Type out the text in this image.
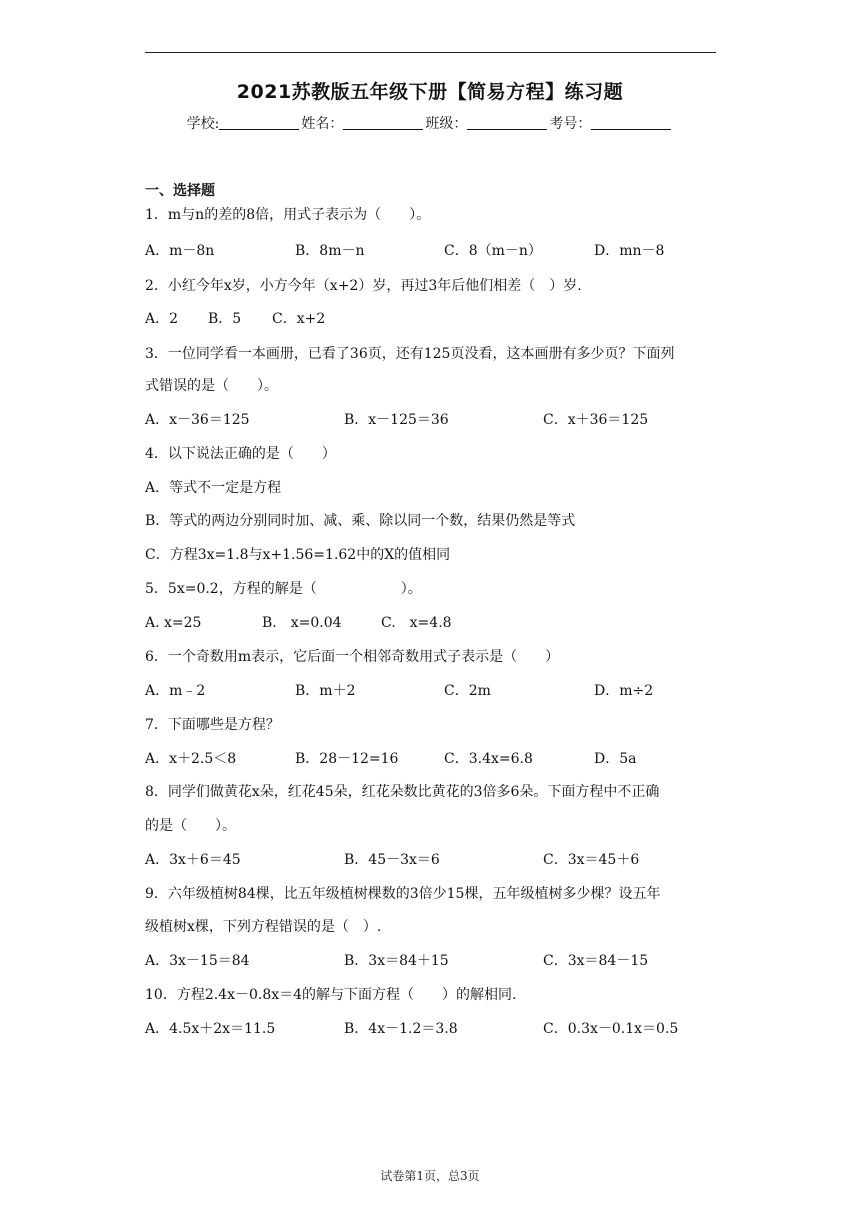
2021苏教版五年级下册【简易方程】练习题
学校:	姓名：	班级：	考号：
一、选择题
1．m与n的差的8倍，用式子表示为（　　）。
A．m－8n	B．8m－n	C．8（m－n）	D．mn－8
2．小红今年x岁，小方今年（x+2）岁，再过3年后他们相差（　）岁.
A．2 B．5 C．x+2
3．一位同学看一本画册，已看了36页，还有125页没看，这本画册有多少页？下面列
式错误的是（　　）。
A．x－36＝125	B．x－125＝36	C．x＋36＝125
4．以下说法正确的是（　　）
A．等式不一定是方程
B．等式的两边分别同时加、减、乘、除以同一个数，结果仍然是等式
C．方程3x=1.8与x+1.56=1.62中的X的值相同
5．5x=0.2，方程的解是（　　　　　　）。
A. x=25	B.　x=0.04	C.　x=4.8
6．一个奇数用m表示，它后面一个相邻奇数用式子表示是（　　）
A．m﹣2	B．m＋2	C．2m	D．m÷2
7．下面哪些是方程？
A．x＋2.5＜8	B．28－12=16	C．3.4x=6.8	D．5a
8．同学们做黄花x朵，红花45朵，红花朵数比黄花的3倍多6朵。下面方程中不正确
的是（　　）。
A．3x＋6＝45	B．45－3x＝6	C．3x＝45＋6
9．六年级植树84棵，比五年级植树棵数的3倍少15棵，五年级植树多少棵？设五年
级植树x棵，下列方程错误的是（　）.
A．3x－15＝84	B．3x＝84＋15	C．3x＝84－15
10．方程2.4x－0.8x＝4的解与下面方程（　　）的解相同.
A．4.5x＋2x＝11.5	B．4x－1.2＝3.8	C．0.3x－0.1x＝0.5
试卷第1页，总3页
